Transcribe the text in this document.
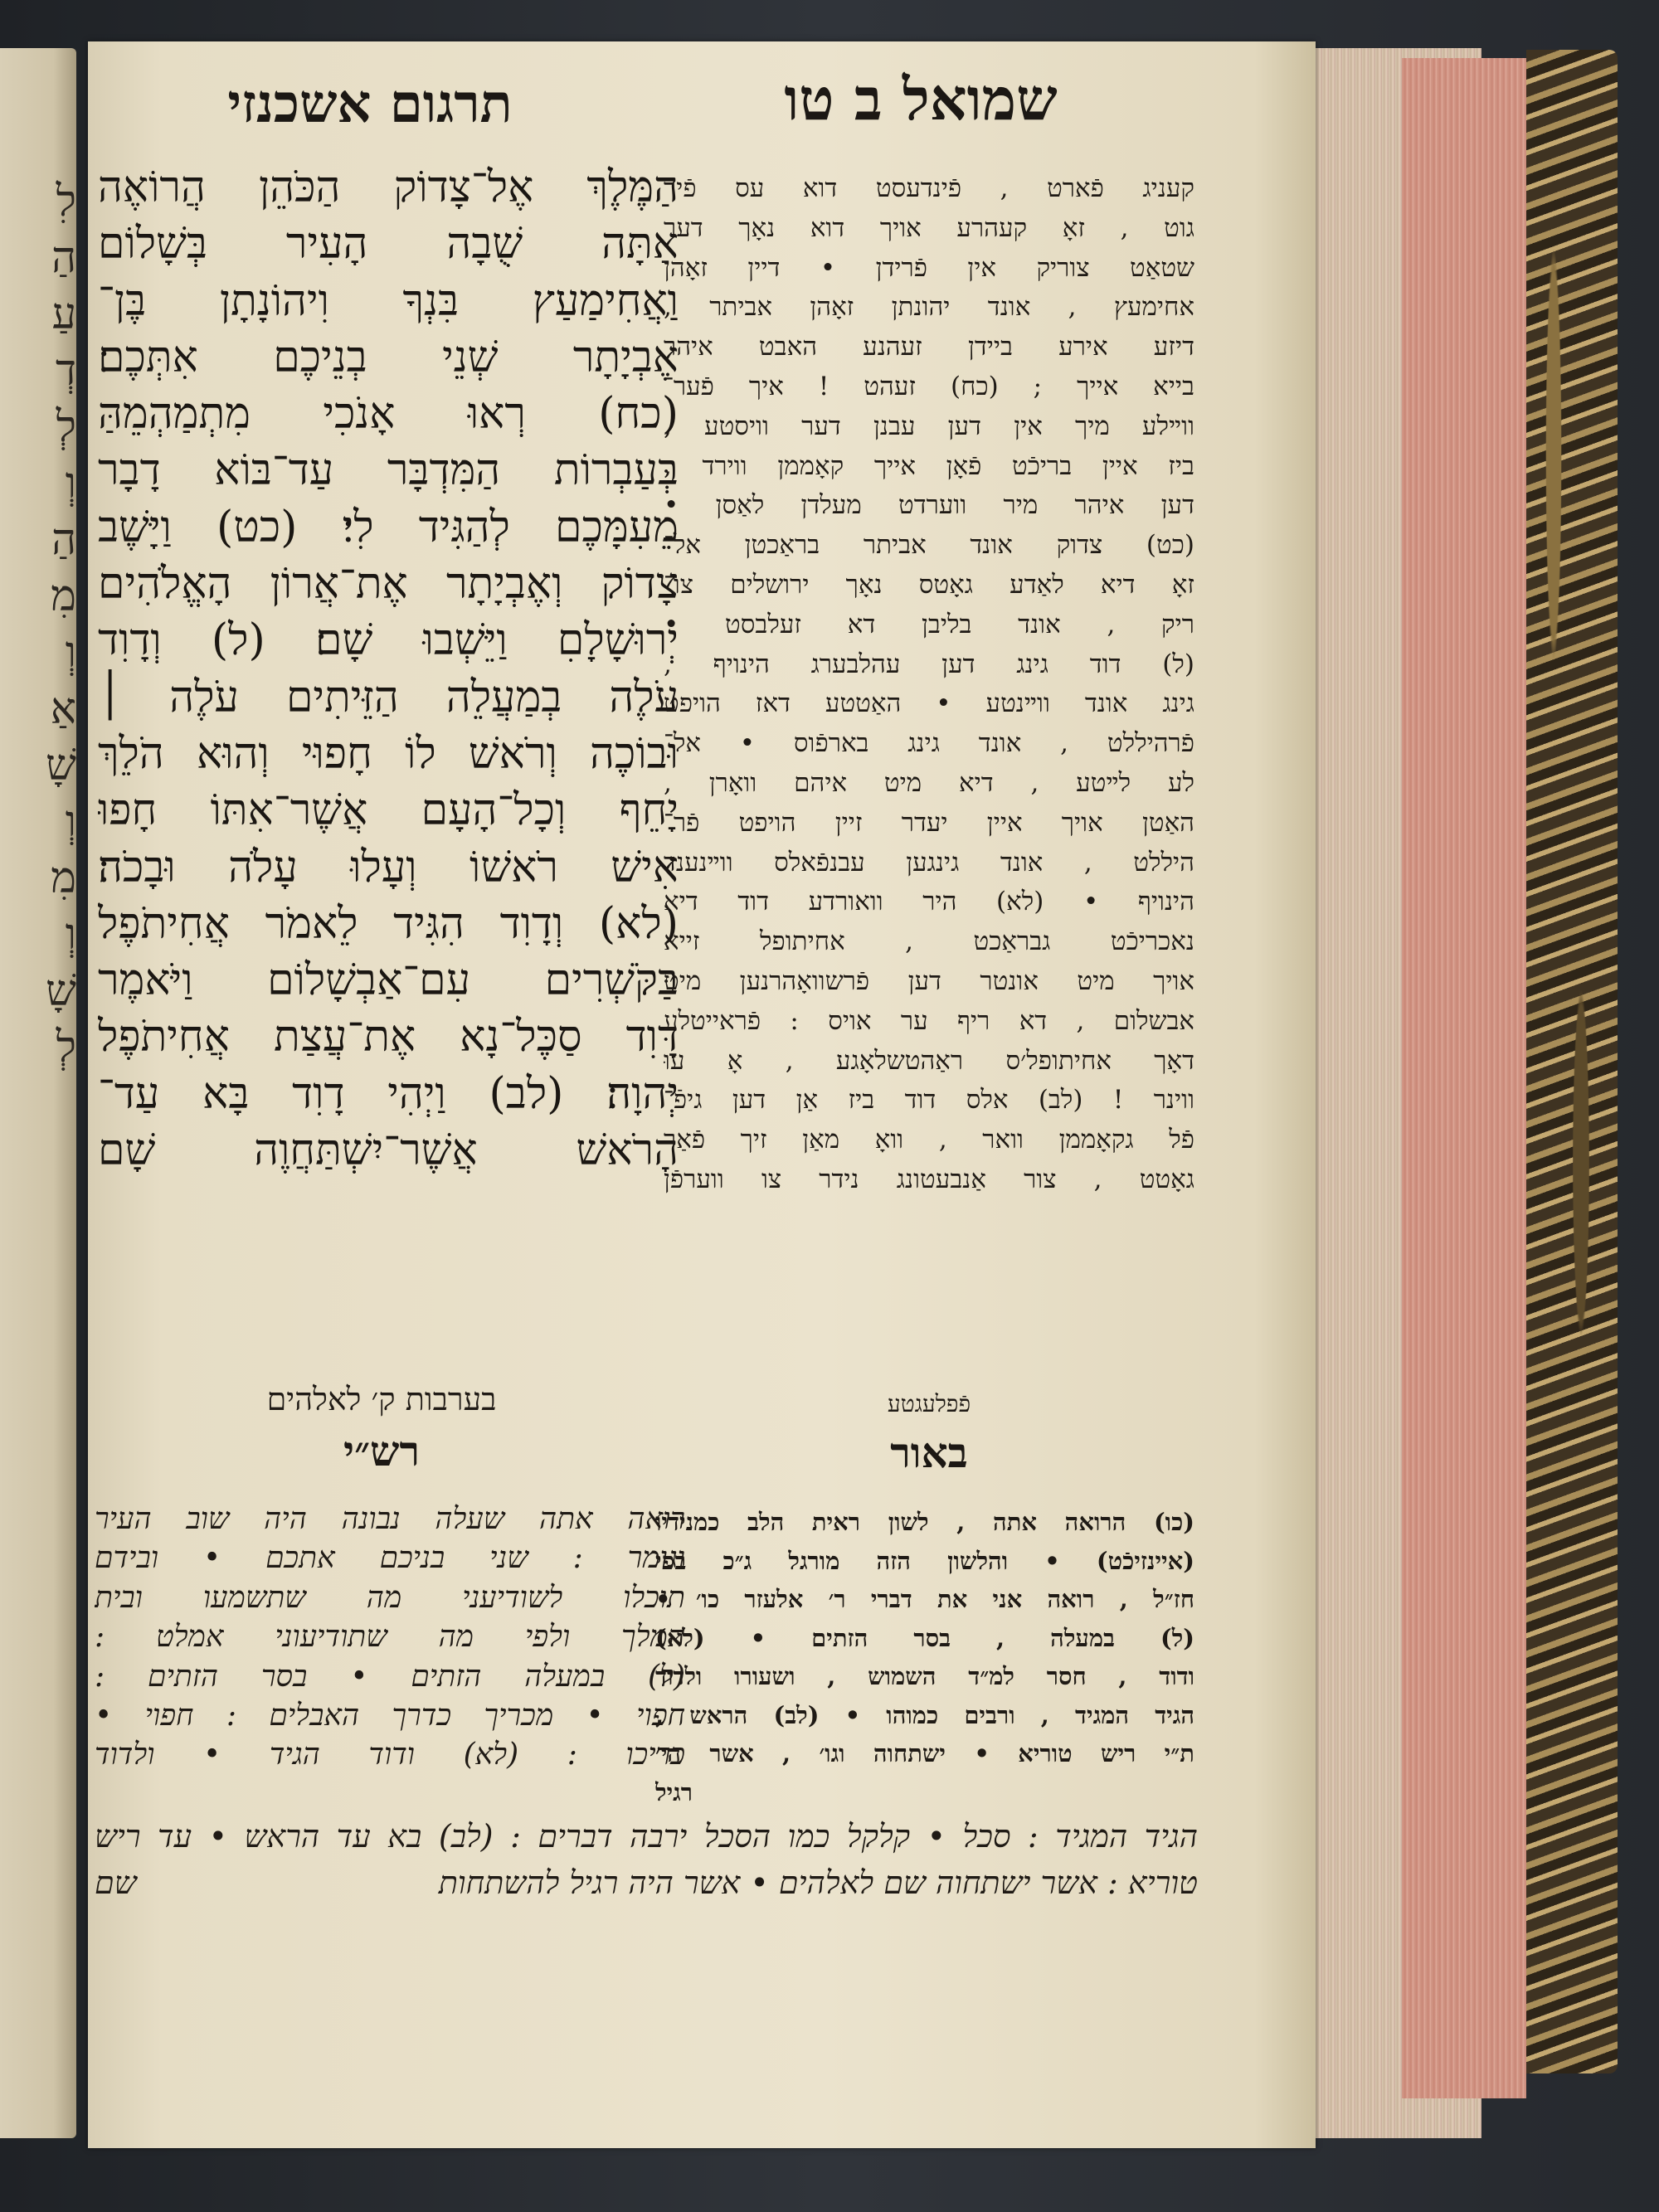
לִ
הַ
עַ
דְ
לְ
וְ
הַ
מִ
וְ
אַ
שָׁ
וְ
מִ
וְ
שָׁ
לְ
תרגום אשכנזי	שמואל ב טו
הַמֶּלֶךְ אֶל־צָדוֹק הַכֹּהֵן הֲרוֹאֶה
אַתָּה שֻׁבָה הָעִיר בְּשָׁלוֹם
וַאֲחִימַעַץ בִּנְךָ וִיהוֹנָתָן בֶּן־
אֶבְיָתָר שְׁנֵי בְנֵיכֶם אִתְּכֶם׃
(כח) רְאוּ אָנֹכִי מִתְמַהְמֵהַּ
בְּעַבְרוֹת הַמִּדְבָּר עַד־בּוֹא דָבָר
מֵעִמָּכֶם לְהַגִּיד לִי׃ (כט) וַיָּשֶׁב
צָדוֹק וְאֶבְיָתָר אֶת־אֲרוֹן הָאֱלֹהִים
יְרוּשָׁלָםִ וַיֵּשְׁבוּ שָׁם׃ (ל) וְדָוִד
עֹלֶה בְמַעֲלֵה הַזֵּיתִים עֹלֶה ׀
וּבוֹכֶה וְרֹאשׁ לוֹ חָפוּי וְהוּא הֹלֵךְ
יָחֵף וְכָל־הָעָם אֲשֶׁר־אִתּוֹ חָפוּ
אִישׁ רֹאשׁוֹ וְעָלוּ עָלֹה וּבָכֹה׃
(לא) וְדָוִד הִגִּיד לֵאמֹר אֲחִיתֹפֶל
בַּקֹּשְׁרִים עִם־אַבְשָׁלוֹם וַיֹּאמֶר
דָּוִד סַכֶּל־נָא אֶת־עֲצַת אֲחִיתֹפֶל
יְהוָה׃ (לב) וַיְהִי דָוִד בָּא עַד־
הָרֹאשׁ אֲשֶׁר־יִשְׁתַּחֲוֶה שָׁם
קעניג פֿארט , פֿינדעסט דוא עס פֿיר
גוט , זאָ קעהרע אויך דוא נאָך דער
שטאַט צוריק אין פֿרידן • דיין זאָהן
אחימעץ , אונד יהונתן זאָהן אביתר ,
דיזע אירע ביידן זעהנע האבט איהר
בייא אייך ; (כח) זעהט ! איך פֿער־
ווײלע מיך אין דען עבנן דער וויסטע ,
ביז איין בריכֿט פֿאָן אייך קאָממן ווירד ,
דען איהר מיר ווערדט מעלדן לאַסן •
(כט) צדוק אונד אביתר בראַכטן אל־
זאָ דיא לאַדע גאָטס נאָך ירושלים צו־
ריק , אונד בליבן דא זעלבסט •
(ל) דוד גינג דען עהלבערג הינויף ,
גינג אונד ווײנטע • האַטטע דאז הויפט
פֿרהיללט , אונד גינג בארפֿוס • אל־
לע לײטע , דיא מיט איהם וואָרן ,
האַטן אויך איין יעדר זיין הויפט פֿר־
היללט , אונד גינגען עבנפֿאלס ווײנענד
הינויף • (לא) היר וואורדע דוד דיא
נאכריכֿט גבראַכט , אחיתופל זייא
אויך מיט אונטר דען פֿרשוואָהרנען מיט
אבשלום , דא ריף ער אויס : פֿראייטלע
דאָך אחיתופל׳ס ראַהטשלאָגע , אָ עוּ
ווינר ! (לב) אלס דוד ביז אַן דען גיפֿ־
פֿל גקאָממן וואר , וואָ מאַן זיך פֿאַר
גאָטט , צור אַנבעטונג נידר צו ווערפֿן
בערבות ק׳ לאלהים	פֿפלעגטע
רש״י	באור
רואה אתה שעלה נבונה היה שוב העיר
וגומר : שני בניכם אתכם • ובידם
תוכלו לשודיעני מה שתשמעו ובית
המלך ולפי מה שתודיעוני אמלט :
(ל) במעלה הזתים • בסר הזתים :
חפוי • מכריך כדרך האבלים : חפוי •
כריכו : (לא) ודוד הגיד • ולדוד
(כו) הרואה אתה , לשון ראית הלב כמנידיו
(איינזיכֿט) • והלשון הזה מורגל ג״כ בפי
חז״ל , רואה אני את דברי ר׳ אלעזר כו׳ •
(ל) במעלה , בסר הזתים • (לא)
ודוד , חסר למ״ד השמוש , ושעורו ולדוד
הגיד המגיד , ורבים כמוהו • (לב) הראש ,
ת״י ריש טוריא • ישתחוה וגו׳ , אשר הי׳
רגיל
הגיד המגיד : סכל • קלקל כמו הסכל ירבה דברים : (לב) בא עד הראש • עד ריש
שם	טוריא : אשר ישתחוה שם לאלהים • אשר היה רגיל להשתחות
